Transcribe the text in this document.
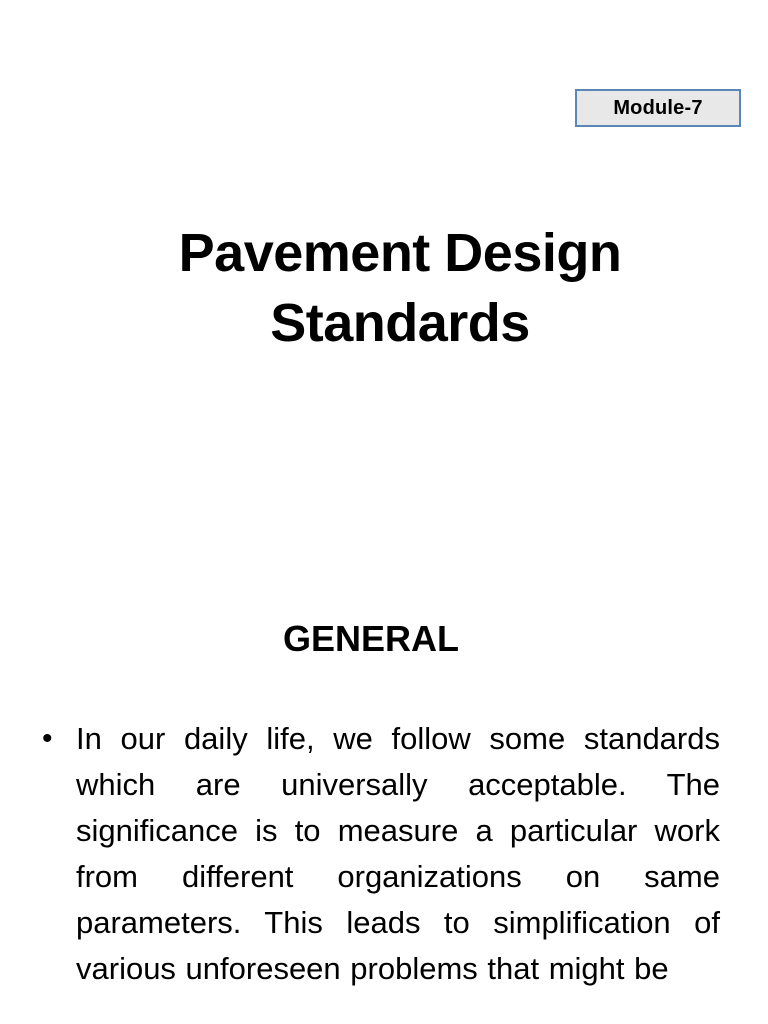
Module-7
Pavement Design
Standards
GENERAL
• In our daily life, we follow some standards which are universally acceptable. The significance is to measure a particular work from different organizations on same parameters. This leads to simplification of various unforeseen problems that might be
